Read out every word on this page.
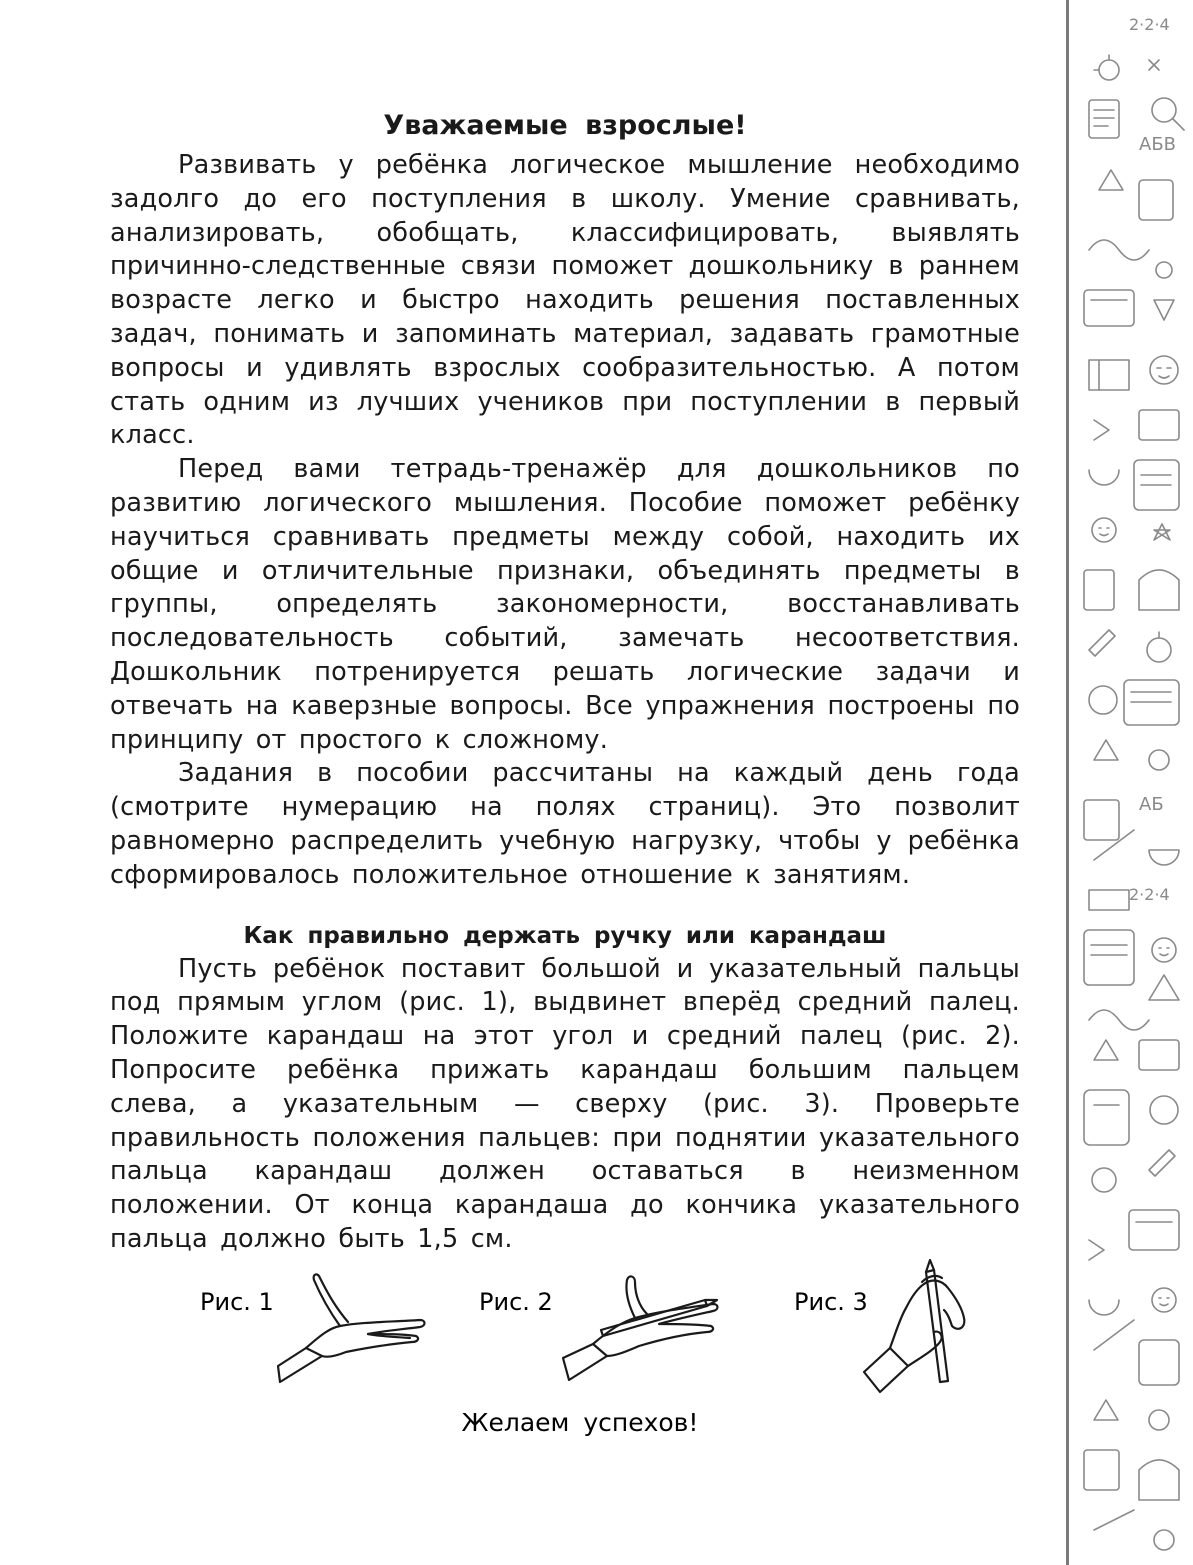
Уважаемые взрослые!

Развивать у ребёнка логическое мышление необходимо задолго до его поступления в школу. Умение сравнивать, анализировать, обобщать, классифицировать, выявлять причинно-следственные связи поможет дошкольнику в раннем возрасте легко и быстро находить решения поставленных задач, понимать и запоминать материал, задавать грамотные вопросы и удивлять взрослых сообразительностью. А потом стать одним из лучших учеников при поступлении в первый класс.

Перед вами тетрадь-тренажёр для дошкольников по развитию логического мышления. Пособие поможет ребёнку научиться сравнивать предметы между собой, находить их общие и отличительные признаки, объединять предметы в группы, определять закономерности, восстанавливать последовательность событий, замечать несоответствия. Дошкольник потренируется решать логические задачи и отвечать на каверзные вопросы. Все упражнения построены по принципу от простого к сложному.

Задания в пособии рассчитаны на каждый день года (смотрите нумерацию на полях страниц). Это позволит равномерно распределить учебную нагрузку, чтобы у ребёнка сформировалось положительное отношение к занятиям.

Как правильно держать ручку или карандаш

Пусть ребёнок поставит большой и указательный пальцы под прямым углом (рис. 1), выдвинет вперёд средний палец. Положите карандаш на этот угол и средний палец (рис. 2). Попросите ребёнка прижать карандаш большим пальцем слева, а указательным — сверху (рис. 3). Проверьте правильность положения пальцев: при поднятии указательного пальца карандаш должен оставаться в неизменном положении. От конца карандаша до кончика указательного пальца должно быть 1,5 см.

Рис. 1	Рис. 2	Рис. 3
Желаем успехов!
2·2·4
АБВ
АБ
2·2·4
